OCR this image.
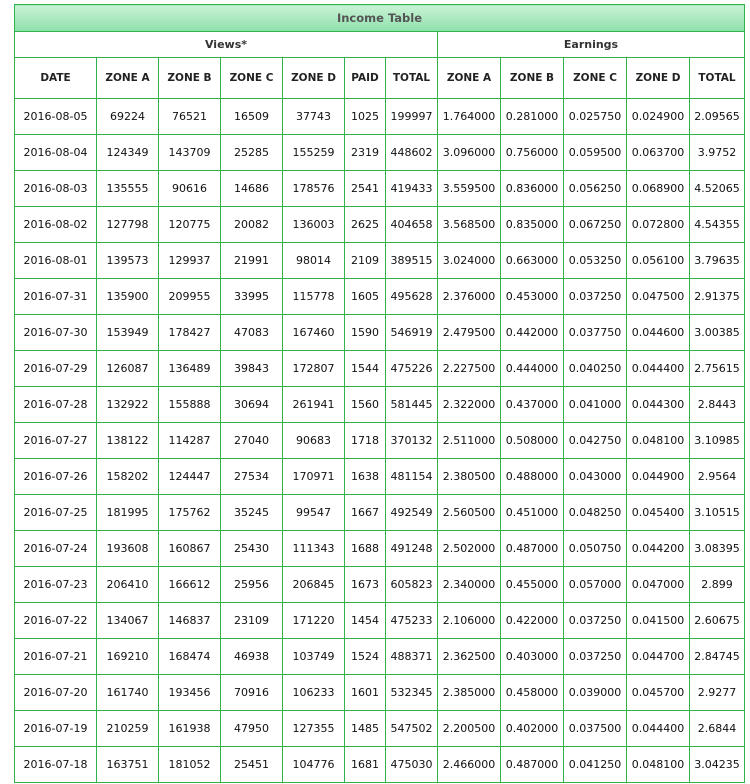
Income Table											
Views*							Earnings				
DATE	ZONE A	ZONE B	ZONE C	ZONE D	PAID	TOTAL	ZONE A	ZONE B	ZONE C	ZONE D	TOTAL
2016-08-05	69224	76521	16509	37743	1025	199997	1.764000	0.281000	0.025750	0.024900	2.09565
2016-08-04	124349	143709	25285	155259	2319	448602	3.096000	0.756000	0.059500	0.063700	3.9752
2016-08-03	135555	90616	14686	178576	2541	419433	3.559500	0.836000	0.056250	0.068900	4.52065
2016-08-02	127798	120775	20082	136003	2625	404658	3.568500	0.835000	0.067250	0.072800	4.54355
2016-08-01	139573	129937	21991	98014	2109	389515	3.024000	0.663000	0.053250	0.056100	3.79635
2016-07-31	135900	209955	33995	115778	1605	495628	2.376000	0.453000	0.037250	0.047500	2.91375
2016-07-30	153949	178427	47083	167460	1590	546919	2.479500	0.442000	0.037750	0.044600	3.00385
2016-07-29	126087	136489	39843	172807	1544	475226	2.227500	0.444000	0.040250	0.044400	2.75615
2016-07-28	132922	155888	30694	261941	1560	581445	2.322000	0.437000	0.041000	0.044300	2.8443
2016-07-27	138122	114287	27040	90683	1718	370132	2.511000	0.508000	0.042750	0.048100	3.10985
2016-07-26	158202	124447	27534	170971	1638	481154	2.380500	0.488000	0.043000	0.044900	2.9564
2016-07-25	181995	175762	35245	99547	1667	492549	2.560500	0.451000	0.048250	0.045400	3.10515
2016-07-24	193608	160867	25430	111343	1688	491248	2.502000	0.487000	0.050750	0.044200	3.08395
2016-07-23	206410	166612	25956	206845	1673	605823	2.340000	0.455000	0.057000	0.047000	2.899
2016-07-22	134067	146837	23109	171220	1454	475233	2.106000	0.422000	0.037250	0.041500	2.60675
2016-07-21	169210	168474	46938	103749	1524	488371	2.362500	0.403000	0.037250	0.044700	2.84745
2016-07-20	161740	193456	70916	106233	1601	532345	2.385000	0.458000	0.039000	0.045700	2.9277
2016-07-19	210259	161938	47950	127355	1485	547502	2.200500	0.402000	0.037500	0.044400	2.6844
2016-07-18	163751	181052	25451	104776	1681	475030	2.466000	0.487000	0.041250	0.048100	3.04235
